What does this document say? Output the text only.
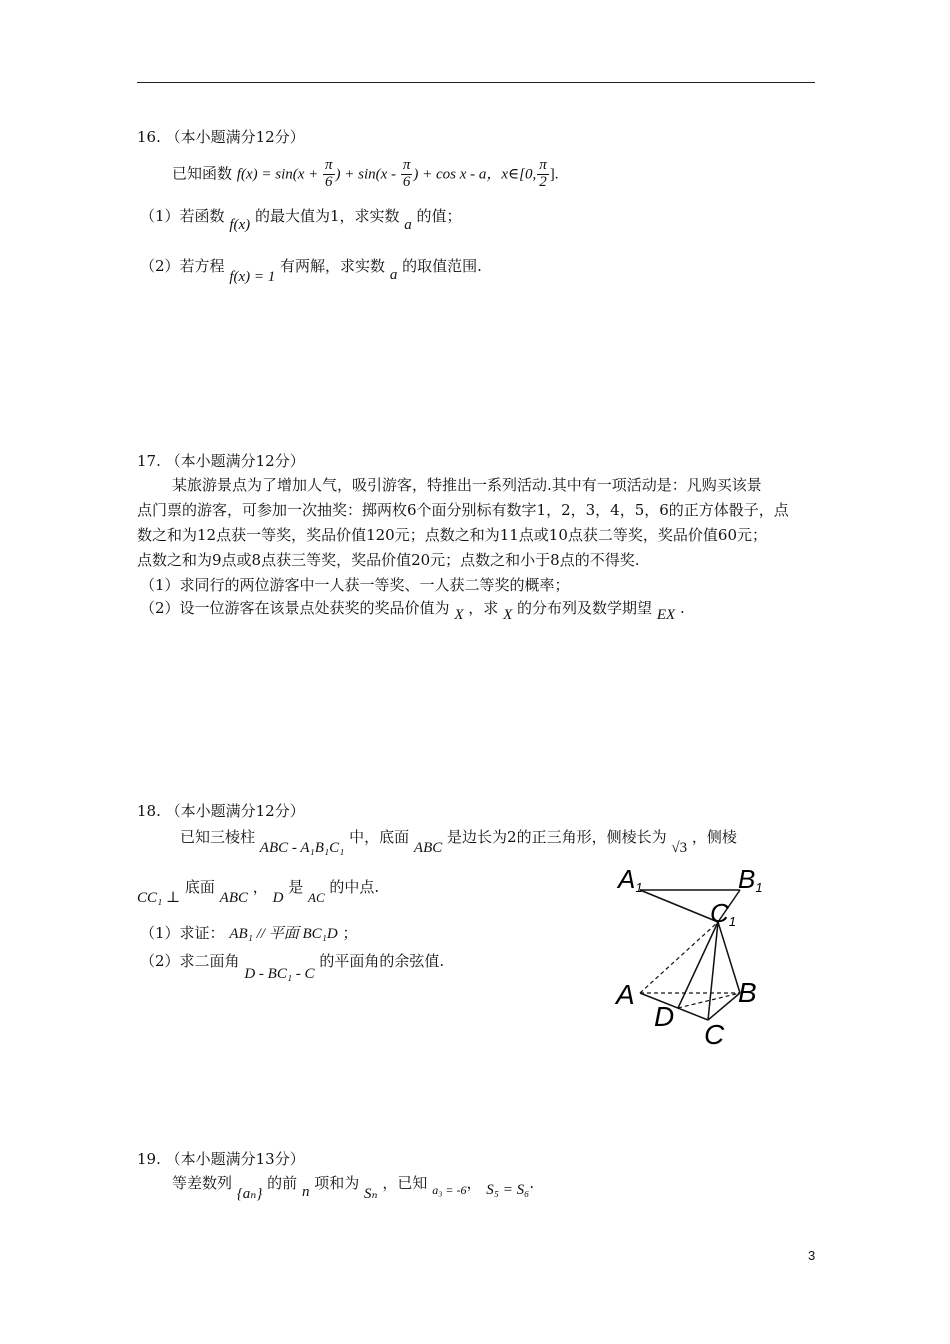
16. （本小题满分12分）
已知函数 $f(x) = \sin(x + \frac{\pi}{6}$ ) + $\sin(x - \frac{\pi}{6}$ ) + cos x - a，x∈[0, $\frac{\pi}{2}$ ].
（1）若函数 f(x) 的最大值为1，求实数 a 的值；
（2）若方程 f(x) = 1 有两解，求实数 a 的取值范围.
17. （本小题满分12分）
某旅游景点为了增加人气，吸引游客，特推出一系列活动.其中有一项活动是：凡购买该景
点门票的游客，可参加一次抽奖：掷两枚6个面分别标有数字1，2，3，4，5，6的正方体骰子，点
数之和为12点获一等奖，奖品价值120元；点数之和为11点或10点获二等奖，奖品价值60元；
点数之和为9点或8点获三等奖，奖品价值20元；点数之和小于8点的不得奖.
（1）求同行的两位游客中一人获一等奖、一人获二等奖的概率；
（2）设一位游客在该景点处获奖的奖品价值为 X ，求 X 的分布列及数学期望 EX .
18. （本小题满分12分）
已知三棱柱 ABC - A₁B₁C₁ 中，底面 ABC 是边长为2的正三角形，侧棱长为 √3 ，侧棱
CC₁ ⊥ 底面 ABC ， D 是 AC 的中点.
（1）求证： AB₁ // 平面 BC₁D ；
（2）求二面角 D - BC₁ - C 的平面角的余弦值.
A1	B1
C1
A	B
D
C
19. （本小题满分13分）
等差数列 {aₙ} 的前 n 项和为 Sₙ ，已知 $_{a_3 = -6}$， S₅ = S₆.
3
